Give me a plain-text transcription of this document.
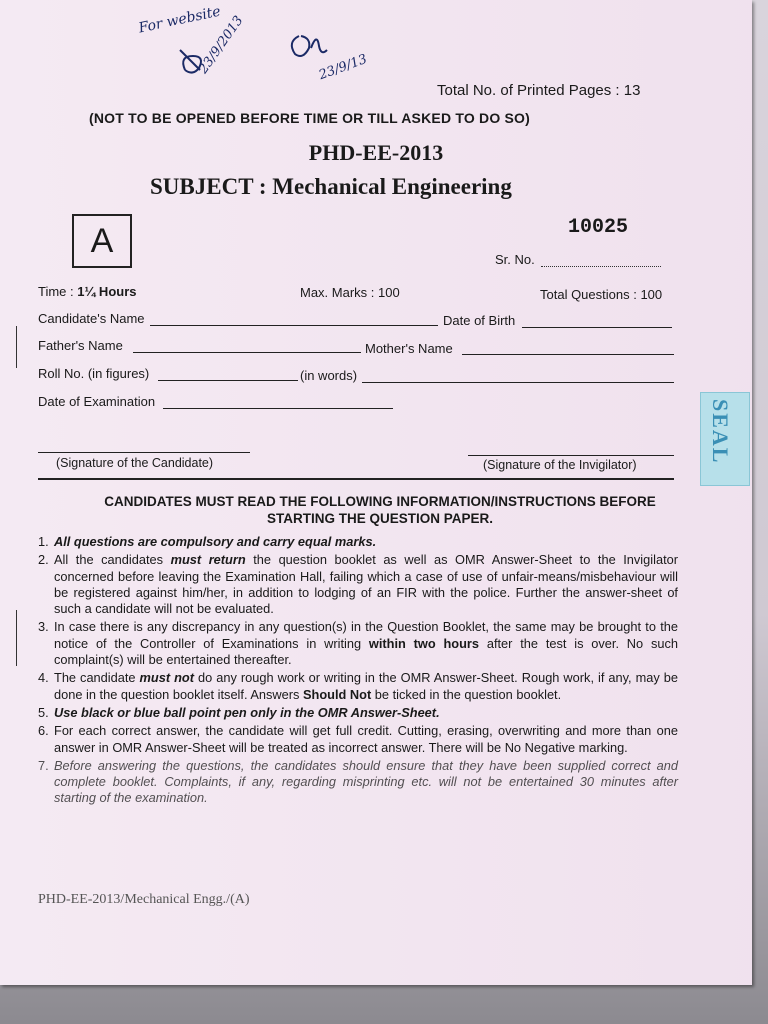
For website
23/9/2013	23/9/13
Total No. of Printed Pages : 13
(NOT TO BE OPENED BEFORE TIME OR TILL ASKED TO DO SO)
PHD-EE-2013
SUBJECT : Mechanical Engineering
A	10025
Sr. No.
Time : 1¼ Hours	Max. Marks : 100	Total Questions : 100
Candidate's Name	Date of Birth
Father's Name	Mother's Name
Roll No. (in figures)	(in words)
Date of Examination
(Signature of the Candidate)	(Signature of the Invigilator)
CANDIDATES MUST READ THE FOLLOWING INFORMATION/INSTRUCTIONS BEFORE
STARTING THE QUESTION PAPER.
1. All questions are compulsory and carry equal marks.
2. All the candidates must return the question booklet as well as OMR Answer-Sheet to the Invigilator concerned before leaving the Examination Hall, failing which a case of use of unfair-means/misbehaviour will be registered against him/her, in addition to lodging of an FIR with the police. Further the answer-sheet of such a candidate will not be evaluated.
3. In case there is any discrepancy in any question(s) in the Question Booklet, the same may be brought to the notice of the Controller of Examinations in writing within two hours after the test is over. No such complaint(s) will be entertained thereafter.
4. The candidate must not do any rough work or writing in the OMR Answer-Sheet. Rough work, if any, may be done in the question booklet itself. Answers Should Not be ticked in the question booklet.
5. Use black or blue ball point pen only in the OMR Answer-Sheet.
6. For each correct answer, the candidate will get full credit. Cutting, erasing, overwriting and more than one answer in OMR Answer-Sheet will be treated as incorrect answer. There will be No Negative marking.
7. Before answering the questions, the candidates should ensure that they have been supplied correct and complete booklet. Complaints, if any, regarding misprinting etc. will not be entertained 30 minutes after starting of the examination.
PHD-EE-2013/Mechanical Engg./(A)
SEAL
